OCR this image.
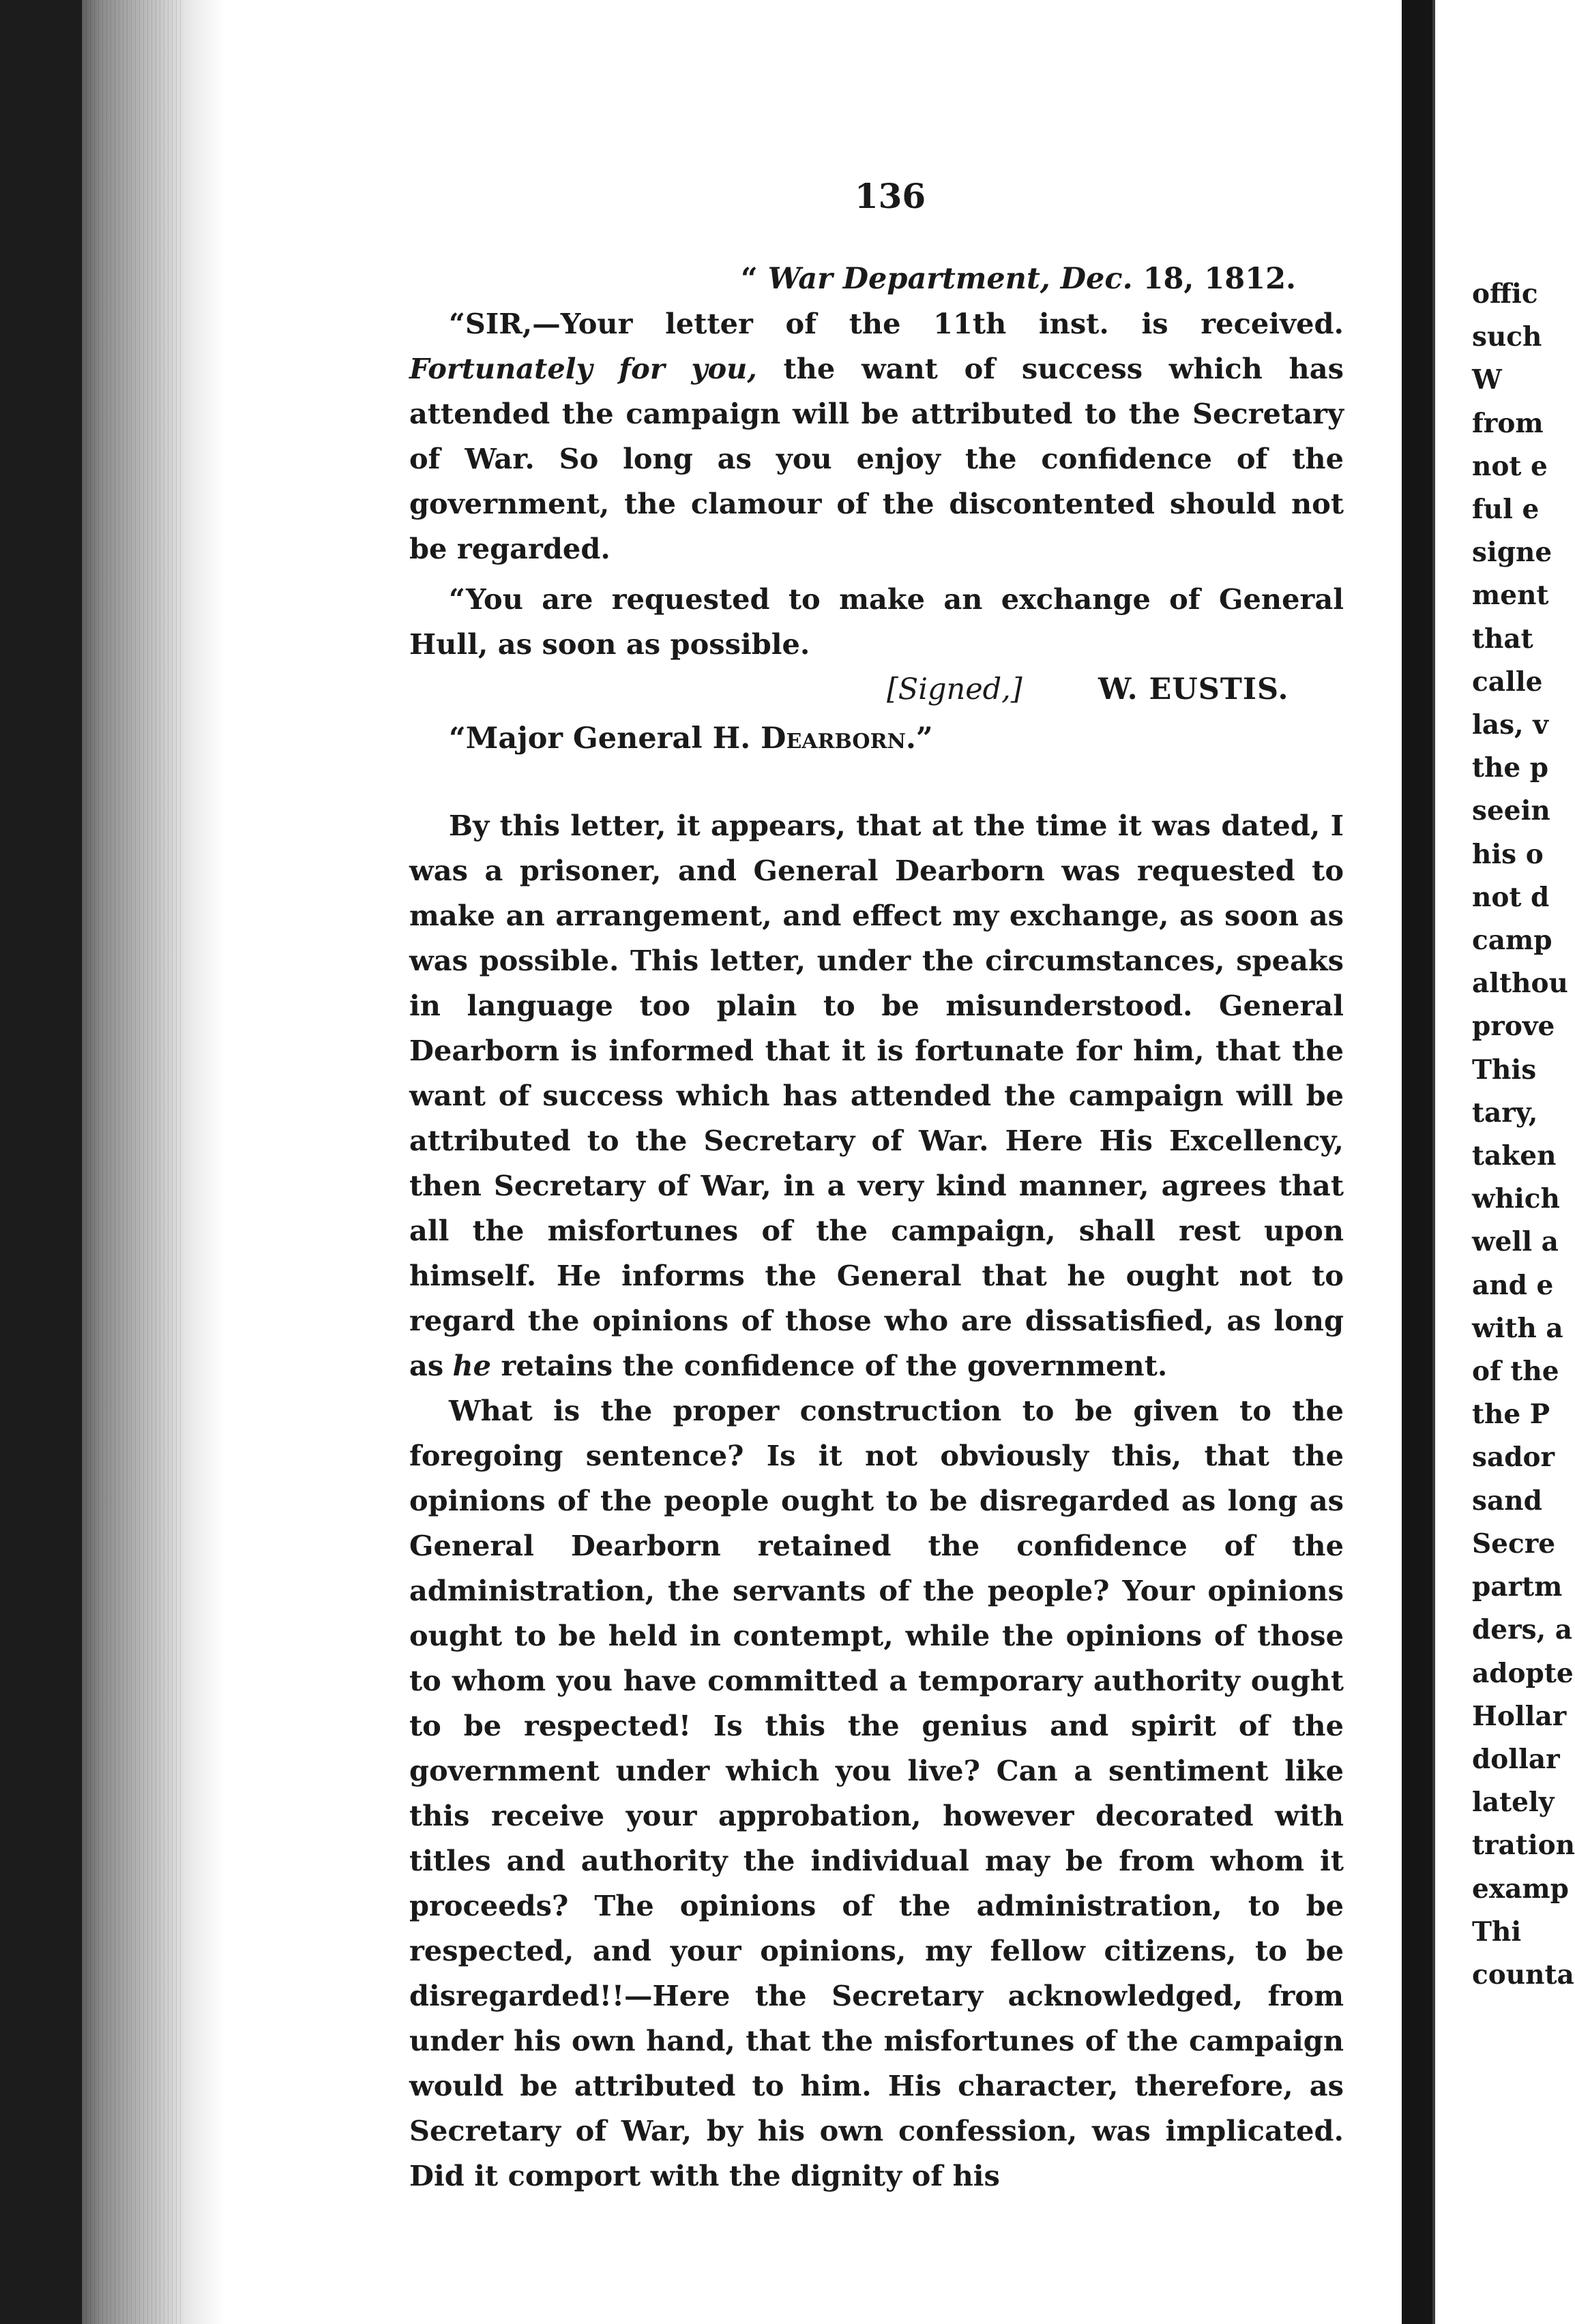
136
“ War Department, Dec. 18, 1812.

“SIR,—Your letter of the 11th inst. is received. Fortunately for you, the want of success which has attended the campaign will be attributed to the Secretary of War. So long as you enjoy the confidence of the government, the clamour of the discontented should not be regarded.

“You are requested to make an exchange of General Hull, as soon as possible.

[Signed,]	W. EUSTIS.

“Major General H. Dearborn.”

By this letter, it appears, that at the time it was dated, I was a prisoner, and General Dearborn was requested to make an arrangement, and effect my exchange, as soon as was possible. This letter, under the circumstances, speaks in language too plain to be misunderstood. General Dearborn is informed that it is fortunate for him, that the want of success which has attended the campaign will be attributed to the Secretary of War. Here His Excellency, then Secretary of War, in a very kind manner, agrees that all the misfortunes of the campaign, shall rest upon himself. He informs the General that he ought not to regard the opinions of those who are dissatisfied, as long as he retains the confidence of the government.

What is the proper construction to be given to the foregoing sentence? Is it not obviously this, that the opinions of the people ought to be disregarded as long as General Dearborn retained the confidence of the administration, the servants of the people? Your opinions ought to be held in contempt, while the opinions of those to whom you have committed a temporary authority ought to be respected! Is this the genius and spirit of the government under which you live? Can a sentiment like this receive your approbation, however decorated with titles and authority the individual may be from whom it proceeds? The opinions of the administration, to be respected, and your opinions, my fellow citizens, to be disregarded!!—Here the Secretary acknowledged, from under his own hand, that the misfortunes of the campaign would be attributed to him. His character, therefore, as Secretary of War, by his own confession, was implicated. Did it comport with the dignity of his

offic

such

W

from

not e

ful e

signe

ment

that

calle

las, v

the p

seein

his o

not d

camp

althou

prove

This

tary,

taken

which

well a

and e

with a

of the

the P

sador

sand

Secre

partm

ders, a

adopte

Hollar

dollar

lately

tration

examp

Thi

counta
